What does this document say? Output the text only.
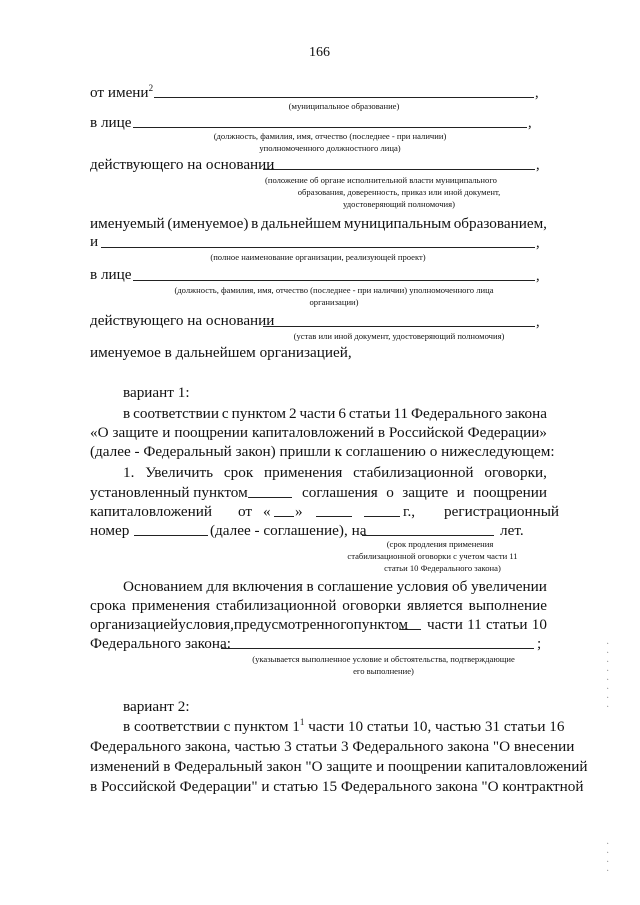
166
от имени$^2$	,
(муниципальное образование)
в лице	,
(должность, фамилия, имя, отчество (последнее - при наличии)
уполномоченного должностного лица)
действующего на основании	,
(положение об органе исполнительной власти муниципального
образования, доверенность, приказ или иной документ,
удостоверяющий полномочия)
именуемый (именуемое) в дальнейшем муниципальным образованием,
и	,
(полное наименование организации, реализующей проект)
в лице	,
(должность, фамилия, имя, отчество (последнее - при наличии) уполномоченного лица
организации)
действующего на основании	,
(устав или иной документ, удостоверяющий полномочия)
именуемое в дальнейшем организацией,
вариант 1:
в соответствии с пунктом 2 части 6 статьи 11 Федерального закона
«О защите и поощрении капиталовложений в Российской Федерации»
(далее - Федеральный закон) пришли к соглашению о нижеследующем:
1. Увеличить срок применения стабилизационной оговорки,
установленный пунктом	соглашения о защите и поощрении
капиталовложений от « »	г., регистрационный
номер	(далее - соглашение), на	лет.
(срок продления применения
стабилизационной оговорки с учетом части 11
статьи 10 Федерального закона)
Основанием для включения в соглашение условия об увеличении
срока применения стабилизационной оговорки является выполнение
организацией условия, предусмотренного пунктом части 11 статьи 10
Федерального закона:	;
(указывается выполненное условие и обстоятельства, подтверждающие
его выполнение)
вариант 2:
в соответствии с пунктом $1^1$ части 10 статьи 10, частью 31 статьи 16
Федерального закона, частью 3 статьи 3 Федерального закона "О внесении
изменений в Федеральный закон "О защите и поощрении капиталовложений
в Российской Федерации" и статью 15 Федерального закона "О контрактной
·
·
·
·
·
·
·
·
·
·
·
·
